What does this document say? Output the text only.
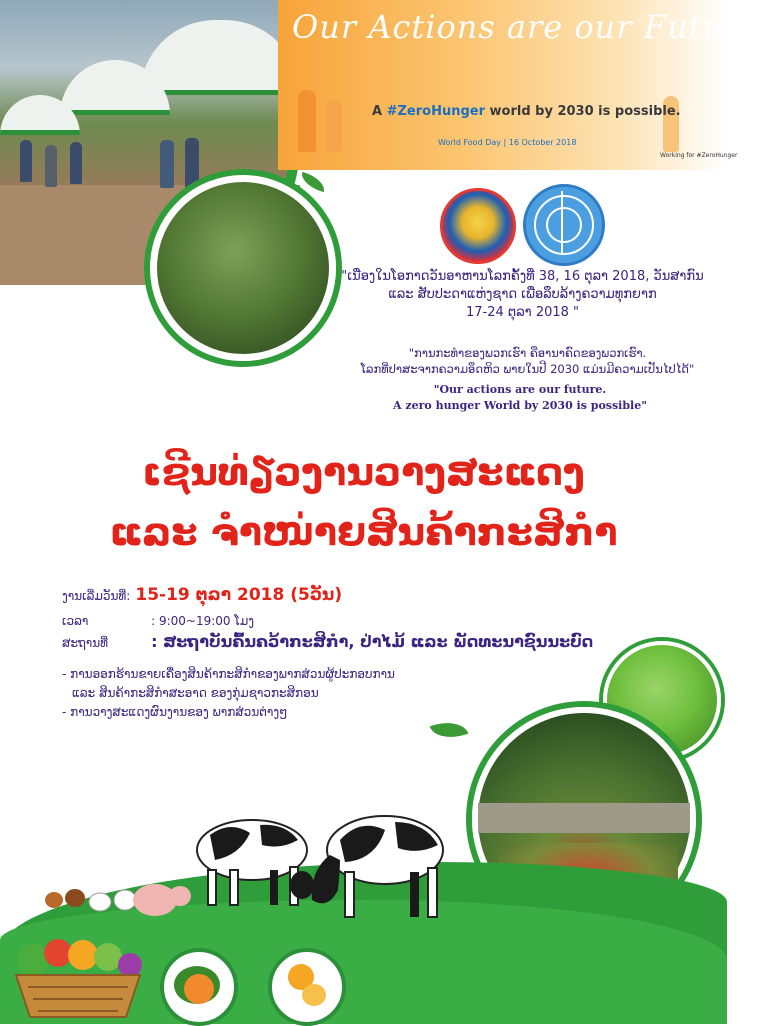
Our Actions are our Future.
A #ZeroHunger world by 2030 is possible.
World Food Day | 16 October 2018
Working for #ZeroHunger
"ເນື່ອງໃນໂອກາດວັນອາຫານໂລກຄັ້ງທີ່ 38, 16 ຕຸລາ 2018, ວັນສາກົນ
ແລະ ສັບປະດາແຫ່ງຊາດ ເພື່ອລຶບລ້າງຄວາມທຸກຍາກ
17-24 ຕຸລາ 2018 "
"ການກະທຳຂອງພວກເຮົາ ຄືອານາຄົດຂອງພວກເຮົາ.
ໂລກທີ່ປາສະຈາກຄວາມອຶດຫິວ ພາຍໃນປີ 2030 ແມ່ນມີຄວາມເປັນໄປໄດ້"
"Our actions are our future.
A zero hunger World by 2030 is possible"
ເຊີນທ່ຽວງານວາງສະແດງ
ແລະ ຈຳໜ່າຍສິນຄ້າກະສິກຳ
ງານເລີ່ມວັນທີ່: 15-19 ຕຸລາ 2018 (5ວັນ)
ເວລາ	: 9:00~19:00 ໂມງ
ສະຖານທີ່	: ສະຖາບັນຄົ້ນຄວ້າກະສິກຳ, ປ່າໄມ້ ແລະ ພັດທະນາຊົນນະບົດ
- ການອອກຮ້ານຂາຍເຄື່ອງສິນຄ້າກະສິກຳຂອງພາກສ່ວນຜູ້ປະກອບການ
ແລະ ສິນຄ້າກະສິກຳສະອາດ ຂອງກຸ່ມຊາວກະສິກອນ
- ການວາງສະແດງຜົນງານຂອງ ພາກສ່ວນຕ່າງໆ
